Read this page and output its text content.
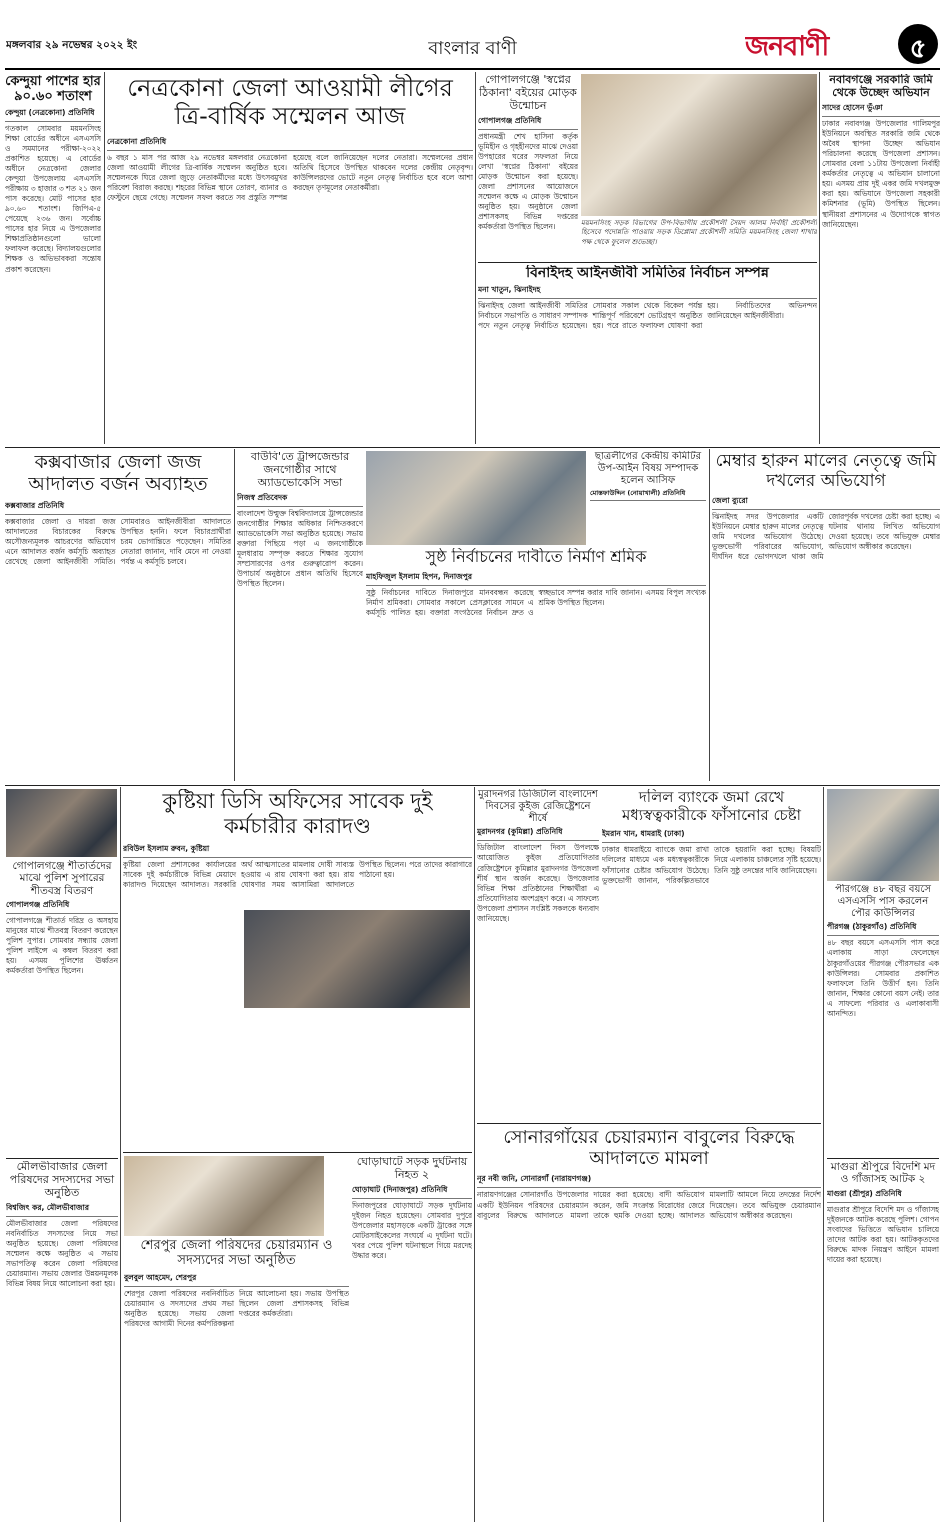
মঙ্গলবার ২৯ নভেম্বর ২০২২ ইং	বাংলার বাণী	জনবাণী	৫
কেন্দুয়া পাশের হার ৯০.৬০ শতাংশ
কেন্দুয়া (নেত্রকোনা) প্রতিনিধি
গতকাল সোমবার ময়মনসিংহ শিক্ষা বোর্ডের অধীনে এসএসসি ও সমমানের পরীক্ষা-২০২২ প্রকাশিত হয়েছে। এ বোর্ডের অধীনে নেত্রকোনা জেলার কেন্দুয়া উপজেলায় এসএসসি পরীক্ষায় ৩ হাজার ৩ শত ২১ জন পাস করেছে। মোট পাসের হার ৯০.৬০ শতাংশ। জিপিএ-৫ পেয়েছে ২৩৬ জন। সর্বোচ্চ পাসের হার নিয়ে এ উপজেলার শিক্ষাপ্রতিষ্ঠানগুলো ভালো ফলাফল করেছে। বিদ্যালয়গুলোর শিক্ষক ও অভিভাবকরা সন্তোষ প্রকাশ করেছেন।
নেত্রকোনা জেলা আওয়ামী লীগের ত্রি-বার্ষিক সম্মেলন আজ
নেত্রকোনা প্রতিনিধি
৬ বছর ১ মাস পর আজ ২৯ নভেম্বর মঙ্গলবার নেত্রকোনা জেলা আওয়ামী লীগের ত্রি-বার্ষিক সম্মেলন অনুষ্ঠিত হবে। সম্মেলনকে ঘিরে জেলা জুড়ে নেতাকর্মীদের মধ্যে উৎসবমুখর পরিবেশ বিরাজ করছে। শহরের বিভিন্ন স্থানে তোরণ, ব্যানার ও ফেস্টুনে ছেয়ে গেছে। সম্মেলন সফল করতে সব প্রস্তুতি সম্পন্ন হয়েছে বলে জানিয়েছেন দলের নেতারা। সম্মেলনের প্রধান অতিথি হিসেবে উপস্থিত থাকবেন দলের কেন্দ্রীয় নেতৃবৃন্দ। কাউন্সিলরদের ভোটে নতুন নেতৃত্ব নির্বাচিত হবে বলে আশা করছেন তৃণমূলের নেতাকর্মীরা।
গোপালগঞ্জে 'স্বপ্নের ঠিকানা' বইয়ের মোড়ক উন্মোচন
গোপালগঞ্জ প্রতিনিধি
প্রধানমন্ত্রী শেখ হাসিনা কর্তৃক ভূমিহীন ও গৃহহীনদের মাঝে দেওয়া উপহারের ঘরের সফলতা নিয়ে লেখা 'স্বপ্নের ঠিকানা' বইয়ের মোড়ক উন্মোচন করা হয়েছে। জেলা প্রশাসনের আয়োজনে সম্মেলন কক্ষে এ মোড়ক উন্মোচন অনুষ্ঠিত হয়। অনুষ্ঠানে জেলা প্রশাসকসহ বিভিন্ন দপ্তরের কর্মকর্তারা উপস্থিত ছিলেন।	ময়মনসিংহ সড়ক বিভাগের উপ-বিভাগীয় প্রকৌশলী সৈয়দ আলম নির্বাহী প্রকৌশলী হিসেবে পদোন্নতি পাওয়ায় সড়ক ডিপ্লোমা প্রকৌশলী সমিতি ময়মনসিংহ জেলা শাখার পক্ষ থেকে ফুলেল শুভেচ্ছা।
বিনাইদহ আইনজীবী সমিতির নির্বাচন সম্পন্ন
মনা খাতুন, ঝিনাইদহ
ঝিনাইদহ জেলা আইনজীবী সমিতির নির্বাচনে সভাপতি ও সাধারণ সম্পাদক পদে নতুন নেতৃত্ব নির্বাচিত হয়েছেন। সোমবার সকাল থেকে বিকেল পর্যন্ত শান্তিপূর্ণ পরিবেশে ভোটগ্রহণ অনুষ্ঠিত হয়। পরে রাতে ফলাফল ঘোষণা করা হয়। নির্বাচিতদের অভিনন্দন জানিয়েছেন আইনজীবীরা।
নবাবগঞ্জে সরকারি জমি থেকে উচ্ছেদ অভিযান
সাদের হোসেন ভুঁঞা
ঢাকার নবাবগঞ্জ উপজেলার গালিমপুর ইউনিয়নে অবস্থিত সরকারি জমি থেকে অবৈধ স্থাপনা উচ্ছেদ অভিযান পরিচালনা করেছে উপজেলা প্রশাসন। সোমবার বেলা ১১টায় উপজেলা নির্বাহী কর্মকর্তার নেতৃত্বে এ অভিযান চালানো হয়। এসময় প্রায় দুই একর জমি দখলমুক্ত করা হয়। অভিযানে উপজেলা সহকারী কমিশনার (ভূমি) উপস্থিত ছিলেন। স্থানীয়রা প্রশাসনের এ উদ্যোগকে স্বাগত জানিয়েছেন।
কক্সবাজার জেলা জজ আদালত বর্জন অব্যাহত
কক্সবাজার প্রতিনিধি
কক্সবাজার জেলা ও দায়রা জজ আদালতের বিচারকের বিরুদ্ধে অসৌজন্যমূলক আচরণের অভিযোগ এনে আদালত বর্জন কর্মসূচি অব্যাহত রেখেছে জেলা আইনজীবী সমিতি। সোমবারও আইনজীবীরা আদালতে উপস্থিত হননি। ফলে বিচারপ্রার্থীরা চরম ভোগান্তিতে পড়েছেন। সমিতির নেতারা জানান, দাবি মেনে না নেওয়া পর্যন্ত এ কর্মসূচি চলবে।
বাউবি'তে ট্রান্সজেন্ডার জনগোষ্ঠীর সাথে অ্যাডভোকেসি সভা
নিজস্ব প্রতিবেদক
বাংলাদেশ উন্মুক্ত বিশ্ববিদ্যালয়ে ট্রান্সজেন্ডার জনগোষ্ঠীর শিক্ষার অধিকার নিশ্চিতকরণে অ্যাডভোকেসি সভা অনুষ্ঠিত হয়েছে। সভায় বক্তারা পিছিয়ে পড়া এ জনগোষ্ঠীকে মূলধারায় সম্পৃক্ত করতে শিক্ষার সুযোগ সম্প্রসারণের ওপর গুরুত্বারোপ করেন। উপাচার্য অনুষ্ঠানে প্রধান অতিথি হিসেবে উপস্থিত ছিলেন।
সুষ্ঠ নির্বাচনের দাবীতে নির্মাণ শ্রমিক
মাহফিজুল ইসলাম হিপন, দিনাজপুর
সুষ্ঠু নির্বাচনের দাবিতে দিনাজপুরে মানববন্ধন করেছে নির্মাণ শ্রমিকরা। সোমবার সকালে প্রেসক্লাবের সামনে এ কর্মসূচি পালিত হয়। বক্তারা সংগঠনের নির্বাচন দ্রুত ও স্বচ্ছভাবে সম্পন্ন করার দাবি জানান। এসময় বিপুল সংখ্যক শ্রমিক উপস্থিত ছিলেন।
ছাত্রলীগের কেন্দ্রীয় কমিটির উপ-আইন বিষয় সম্পাদক হলেন আসিফ
মোস্তফাউদ্দিন (নোয়াখালী) প্রতিনিধি
মেম্বার হারুন মালের নেতৃত্বে জমি দখলের অভিযোগ
জেলা ব্যুরো
ঝিনাইদহ সদর উপজেলার একটি ইউনিয়নে মেম্বার হারুন মালের নেতৃত্বে জমি দখলের অভিযোগ উঠেছে। ভুক্তভোগী পরিবারের অভিযোগ, দীর্ঘদিন ধরে ভোগদখলে থাকা জমি জোরপূর্বক দখলের চেষ্টা করা হচ্ছে। এ ঘটনায় থানায় লিখিত অভিযোগ দেওয়া হয়েছে। তবে অভিযুক্ত মেম্বার অভিযোগ অস্বীকার করেছেন।
গোপালগঞ্জে শীতার্তদের মাঝে পুলিশ সুপারের শীতবস্ত্র বিতরণ
গোপালগঞ্জ প্রতিনিধি
গোপালগঞ্জে শীতার্ত দরিদ্র ও অসহায় মানুষের মাঝে শীতবস্ত্র বিতরণ করেছেন পুলিশ সুপার। সোমবার সন্ধ্যায় জেলা পুলিশ লাইন্সে এ কম্বল বিতরণ করা হয়। এসময় পুলিশের ঊর্ধ্বতন কর্মকর্তারা উপস্থিত ছিলেন।
মৌলভীবাজার জেলা পরিষদের সদস্যদের সভা অনুষ্ঠিত
বিশ্বজিৎ কর, মৌলভীবাজার
মৌলভীবাজার জেলা পরিষদের নবনির্বাচিত সদস্যদের নিয়ে সভা অনুষ্ঠিত হয়েছে। জেলা পরিষদের সম্মেলন কক্ষে অনুষ্ঠিত এ সভায় সভাপতিত্ব করেন জেলা পরিষদের চেয়ারম্যান। সভায় জেলার উন্নয়নমূলক বিভিন্ন বিষয় নিয়ে আলোচনা করা হয়।
কুষ্টিয়া ডিসি অফিসের সাবেক দুই কর্মচারীর কারাদণ্ড
রবিউল ইসলাম রুবন, কুষ্টিয়া
কুষ্টিয়া জেলা প্রশাসকের কার্যালয়ের সাবেক দুই কর্মচারীকে বিভিন্ন মেয়াদে কারাদণ্ড দিয়েছেন আদালত। সরকারি অর্থ আত্মসাতের মামলায় দোষী সাব্যস্ত হওয়ায় এ রায় ঘোষণা করা হয়। রায় ঘোষণার সময় আসামিরা আদালতে উপস্থিত ছিলেন। পরে তাদের কারাগারে পাঠানো হয়।
শেরপুর জেলা পরিষদের চেয়ারম্যান ও সদস্যদের সভা অনুষ্ঠিত
বুলবুল আহমেদ, শেরপুর
শেরপুর জেলা পরিষদের নবনির্বাচিত চেয়ারম্যান ও সদস্যদের প্রথম সভা অনুষ্ঠিত হয়েছে। সভায় জেলা পরিষদের আগামী দিনের কর্মপরিকল্পনা নিয়ে আলোচনা হয়। সভায় উপস্থিত ছিলেন জেলা প্রশাসকসহ বিভিন্ন দপ্তরের কর্মকর্তারা।
ঘোড়াঘাটে সড়ক দুর্ঘটনায় নিহত ২
ঘোড়াঘাট (দিনাজপুর) প্রতিনিধি
দিনাজপুরের ঘোড়াঘাটে সড়ক দুর্ঘটনায় দুইজন নিহত হয়েছেন। সোমবার দুপুরে উপজেলার মহাসড়কে একটি ট্রাকের সঙ্গে মোটরসাইকেলের সংঘর্ষে এ দুর্ঘটনা ঘটে। খবর পেয়ে পুলিশ ঘটনাস্থলে গিয়ে মরদেহ উদ্ধার করে।
মুরাদনগর ডিজিটাল বাংলাদেশ দিবসের কুইজ রেজিষ্ট্রেশনে শীর্ষে
মুরাদনগর (কুমিল্লা) প্রতিনিধি
ডিজিটাল বাংলাদেশ দিবস উপলক্ষে আয়োজিত কুইজ প্রতিযোগিতার রেজিষ্ট্রেশনে কুমিল্লার মুরাদনগর উপজেলা শীর্ষ স্থান অর্জন করেছে। উপজেলার বিভিন্ন শিক্ষা প্রতিষ্ঠানের শিক্ষার্থীরা এ প্রতিযোগিতায় অংশগ্রহণ করে। এ সাফল্যে উপজেলা প্রশাসন সংশ্লিষ্ট সকলকে ধন্যবাদ জানিয়েছে।
দলিল ব্যাংকে জমা রেখে মধ্যস্বত্বকারীকে ফাঁসানোর চেষ্টা
ইমরান খান, ধামরাই (ঢাকা)
ঢাকার ধামরাইয়ে ব্যাংকে জমা রাখা দলিলের মাধ্যমে এক মধ্যস্বত্বকারীকে ফাঁসানোর চেষ্টার অভিযোগ উঠেছে। ভুক্তভোগী জানান, পরিকল্পিতভাবে তাকে হয়রানি করা হচ্ছে। বিষয়টি নিয়ে এলাকায় চাঞ্চল্যের সৃষ্টি হয়েছে। তিনি সুষ্ঠু তদন্তের দাবি জানিয়েছেন।
সোনারগাঁয়ের চেয়ারম্যান বাবুলের বিরুদ্ধে আদালতে মামলা
নূর নবী জনি, সোনারগাঁ (নারায়ণগঞ্জ)
নারায়ণগঞ্জের সোনারগাঁও উপজেলার একটি ইউনিয়ন পরিষদের চেয়ারম্যান বাবুলের বিরুদ্ধে আদালতে মামলা দায়ের করা হয়েছে। বাদী অভিযোগ করেন, জমি সংক্রান্ত বিরোধের জেরে তাকে হুমকি দেওয়া হচ্ছে। আদালত মামলাটি আমলে নিয়ে তদন্তের নির্দেশ দিয়েছেন। তবে অভিযুক্ত চেয়ারম্যান অভিযোগ অস্বীকার করেছেন।
পীরগঞ্জে ৪৮ বছর বয়সে এসএসসি পাস করলেন পৌর কাউন্সিলর
পীরগঞ্জ (ঠাকুরগাঁও) প্রতিনিধি
৪৮ বছর বয়সে এসএসসি পাস করে এলাকায় সাড়া ফেলেছেন ঠাকুরগাঁওয়ের পীরগঞ্জ পৌরসভার এক কাউন্সিলর। সোমবার প্রকাশিত ফলাফলে তিনি উত্তীর্ণ হন। তিনি জানান, শিক্ষার কোনো বয়স নেই। তার এ সাফল্যে পরিবার ও এলাকাবাসী আনন্দিত।
মাগুরা শ্রীপুরে বিদেশি মদ ও গাঁজাসহ আটক ২
মাগুরা (শ্রীপুর) প্রতিনিধি
মাগুরার শ্রীপুরে বিদেশি মদ ও গাঁজাসহ দুইজনকে আটক করেছে পুলিশ। গোপন সংবাদের ভিত্তিতে অভিযান চালিয়ে তাদের আটক করা হয়। আটককৃতদের বিরুদ্ধে মাদক নিয়ন্ত্রণ আইনে মামলা দায়ের করা হয়েছে।
